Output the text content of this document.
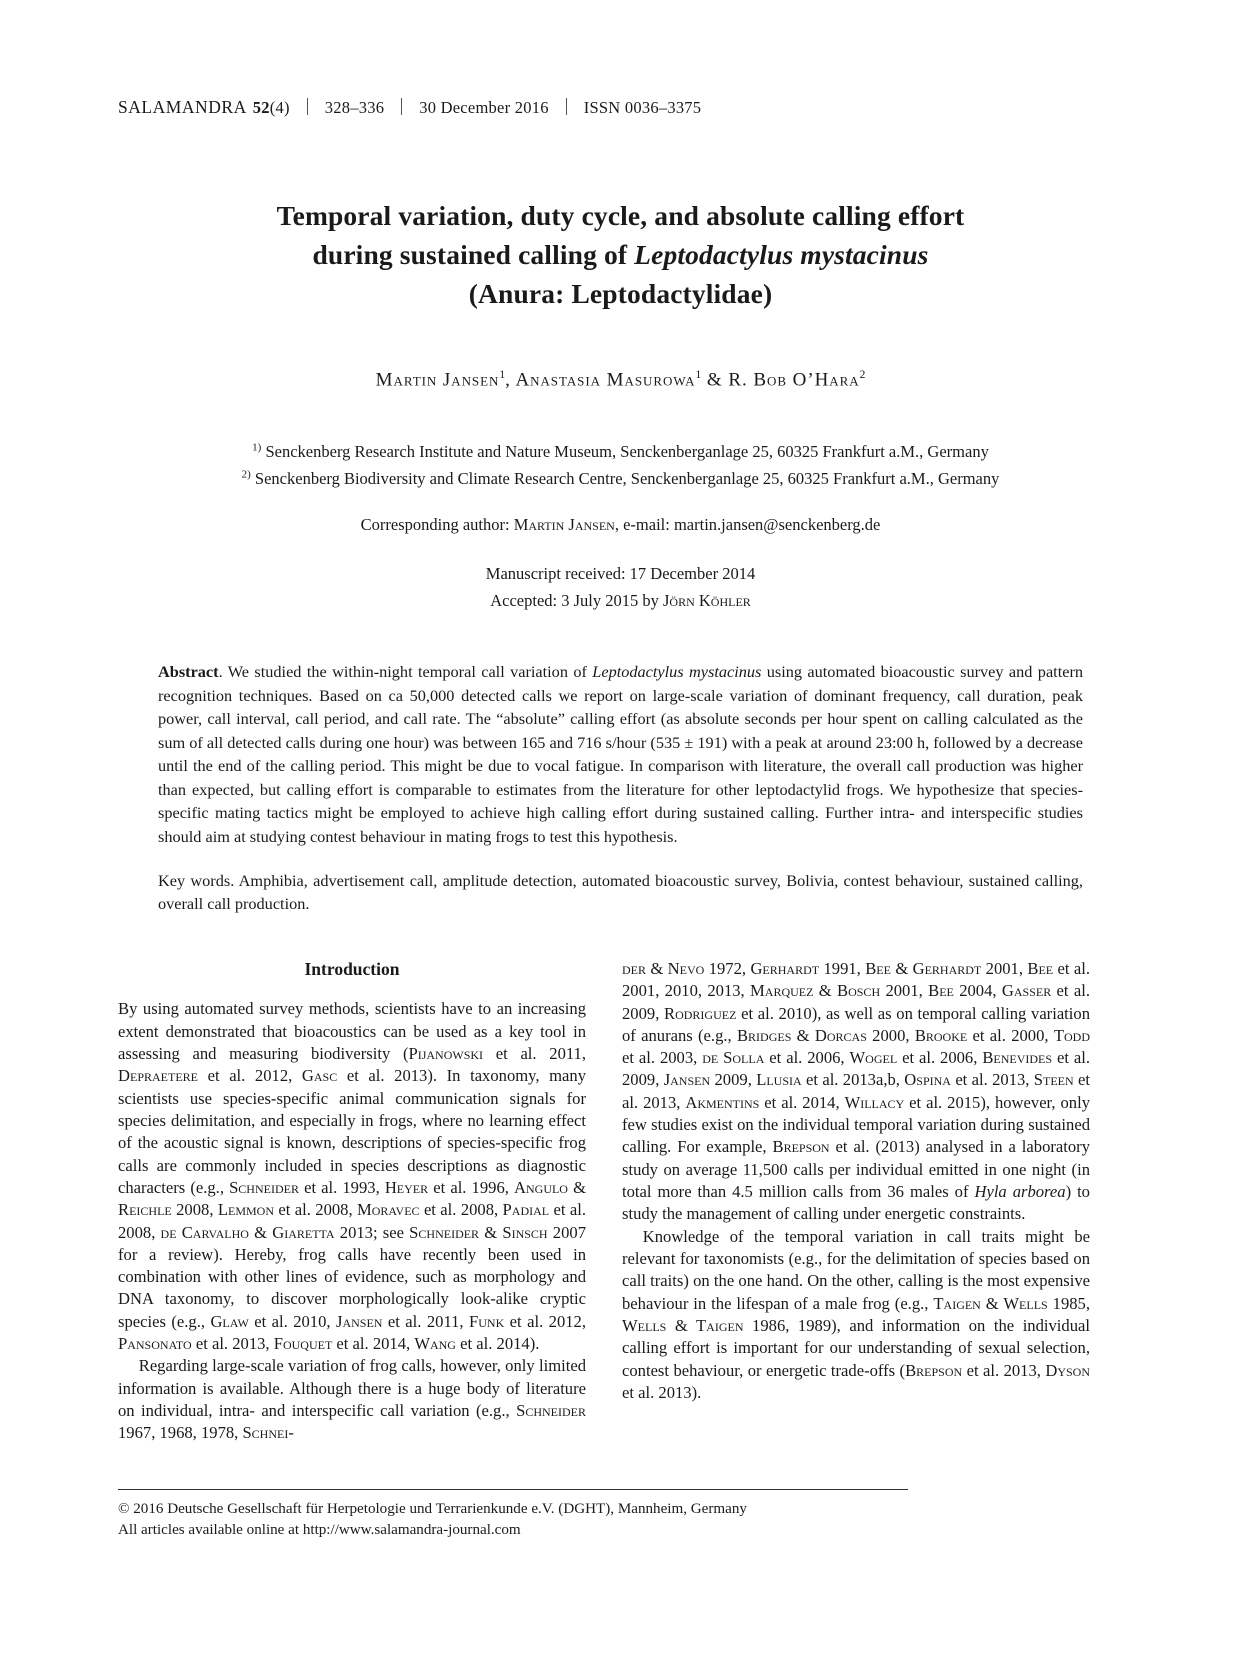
SALAMANDRA 52 (4) 328–336 30 December 2016 ISSN 0036–3375
Temporal variation, duty cycle, and absolute calling effort
during sustained calling of Leptodactylus mystacinus
(Anura: Leptodactylidae)
Martin Jansen$^1$, Anastasia Masurowa$^1$ & R. Bob O’Hara$^2$
$^{1)}$ Senckenberg Research Institute and Nature Museum, Senckenberganlage 25, 60325 Frankfurt a.M., Germany
$^{2)}$ Senckenberg Biodiversity and Climate Research Centre, Senckenberganlage 25, 60325 Frankfurt a.M., Germany
Corresponding author: Martin Jansen, e-mail: martin.jansen@senckenberg.de
Manuscript received: 17 December 2014
Accepted: 3 July 2015 by Jörn Köhler
Abstract. We studied the within-night temporal call variation of Leptodactylus mystacinus using automated bioacoustic survey and pattern recognition techniques. Based on ca 50,000 detected calls we report on large-scale variation of dominant frequency, call duration, peak power, call interval, call period, and call rate. The “absolute” calling effort (as absolute seconds per hour spent on calling calculated as the sum of all detected calls during one hour) was between 165 and 716 s/hour (535 ± 191) with a peak at around 23:00 h, followed by a decrease until the end of the calling period. This might be due to vocal fatigue. In comparison with literature, the overall call production was higher than expected, but calling effort is comparable to estimates from the literature for other leptodactylid frogs. We hypothesize that species-specific mating tactics might be employed to achieve high calling effort during sustained calling. Further intra- and interspecific studies should aim at studying contest behaviour in mating frogs to test this hypothesis.
Key words. Amphibia, advertisement call, amplitude detection, automated bioacoustic survey, Bolivia, contest behaviour, sustained calling, overall call production.
Introduction

By using automated survey methods, scientists have to an increasing extent demonstrated that bioacoustics can be used as a key tool in assessing and measuring biodiversity (Pijanowski et al. 2011, Depraetere et al. 2012, Gasc et al. 2013). In taxonomy, many scientists use species-specific animal communication signals for species delimitation, and especially in frogs, where no learning effect of the acoustic signal is known, descriptions of species-specific frog calls are commonly included in species descriptions as diagnostic characters (e.g., Schneider et al. 1993, Heyer et al. 1996, Angulo & Reichle 2008, Lemmon et al. 2008, Moravec et al. 2008, Padial et al. 2008, de Carvalho & Giaretta 2013; see Schneider & Sinsch 2007 for a review). Hereby, frog calls have recently been used in combination with other lines of evidence, such as morphology and DNA taxonomy, to discover morphologically look-alike cryptic species (e.g., Glaw et al. 2010, Jansen et al. 2011, Funk et al. 2012, Pansonato et al. 2013, Fouquet et al. 2014, Wang et al. 2014).

Regarding large-scale variation of frog calls, however, only limited information is available. Although there is a huge body of literature on individual, intra- and interspecific call variation (e.g., Schneider 1967, 1968, 1978, Schnei-

der & Nevo 1972, Gerhardt 1991, Bee & Gerhardt 2001, Bee et al. 2001, 2010, 2013, Marquez & Bosch 2001, Bee 2004, Gasser et al. 2009, Rodriguez et al. 2010), as well as on temporal calling variation of anurans (e.g., Bridges & Dorcas 2000, Brooke et al. 2000, Todd et al. 2003, de Solla et al. 2006, Wogel et al. 2006, Benevides et al. 2009, Jansen 2009, Llusia et al. 2013a,b, Ospina et al. 2013, Steen et al. 2013, Akmentins et al. 2014, Willacy et al. 2015), however, only few studies exist on the individual temporal variation during sustained calling. For example, Brepson et al. (2013) analysed in a laboratory study on average 11,500 calls per individual emitted in one night (in total more than 4.5 million calls from 36 males of Hyla arborea) to study the management of calling under energetic constraints.

Knowledge of the temporal variation in call traits might be relevant for taxonomists (e.g., for the delimitation of species based on call traits) on the one hand. On the other, calling is the most expensive behaviour in the lifespan of a male frog (e.g., Taigen & Wells 1985, Wells & Taigen 1986, 1989), and information on the individual calling effort is important for our understanding of sexual selection, contest behaviour, or energetic trade-offs (Brepson et al. 2013, Dyson et al. 2013).

© 2016 Deutsche Gesellschaft für Herpetologie und Terrarienkunde e.V. (DGHT), Mannheim, Germany
All articles available online at http://www.salamandra-journal.com
